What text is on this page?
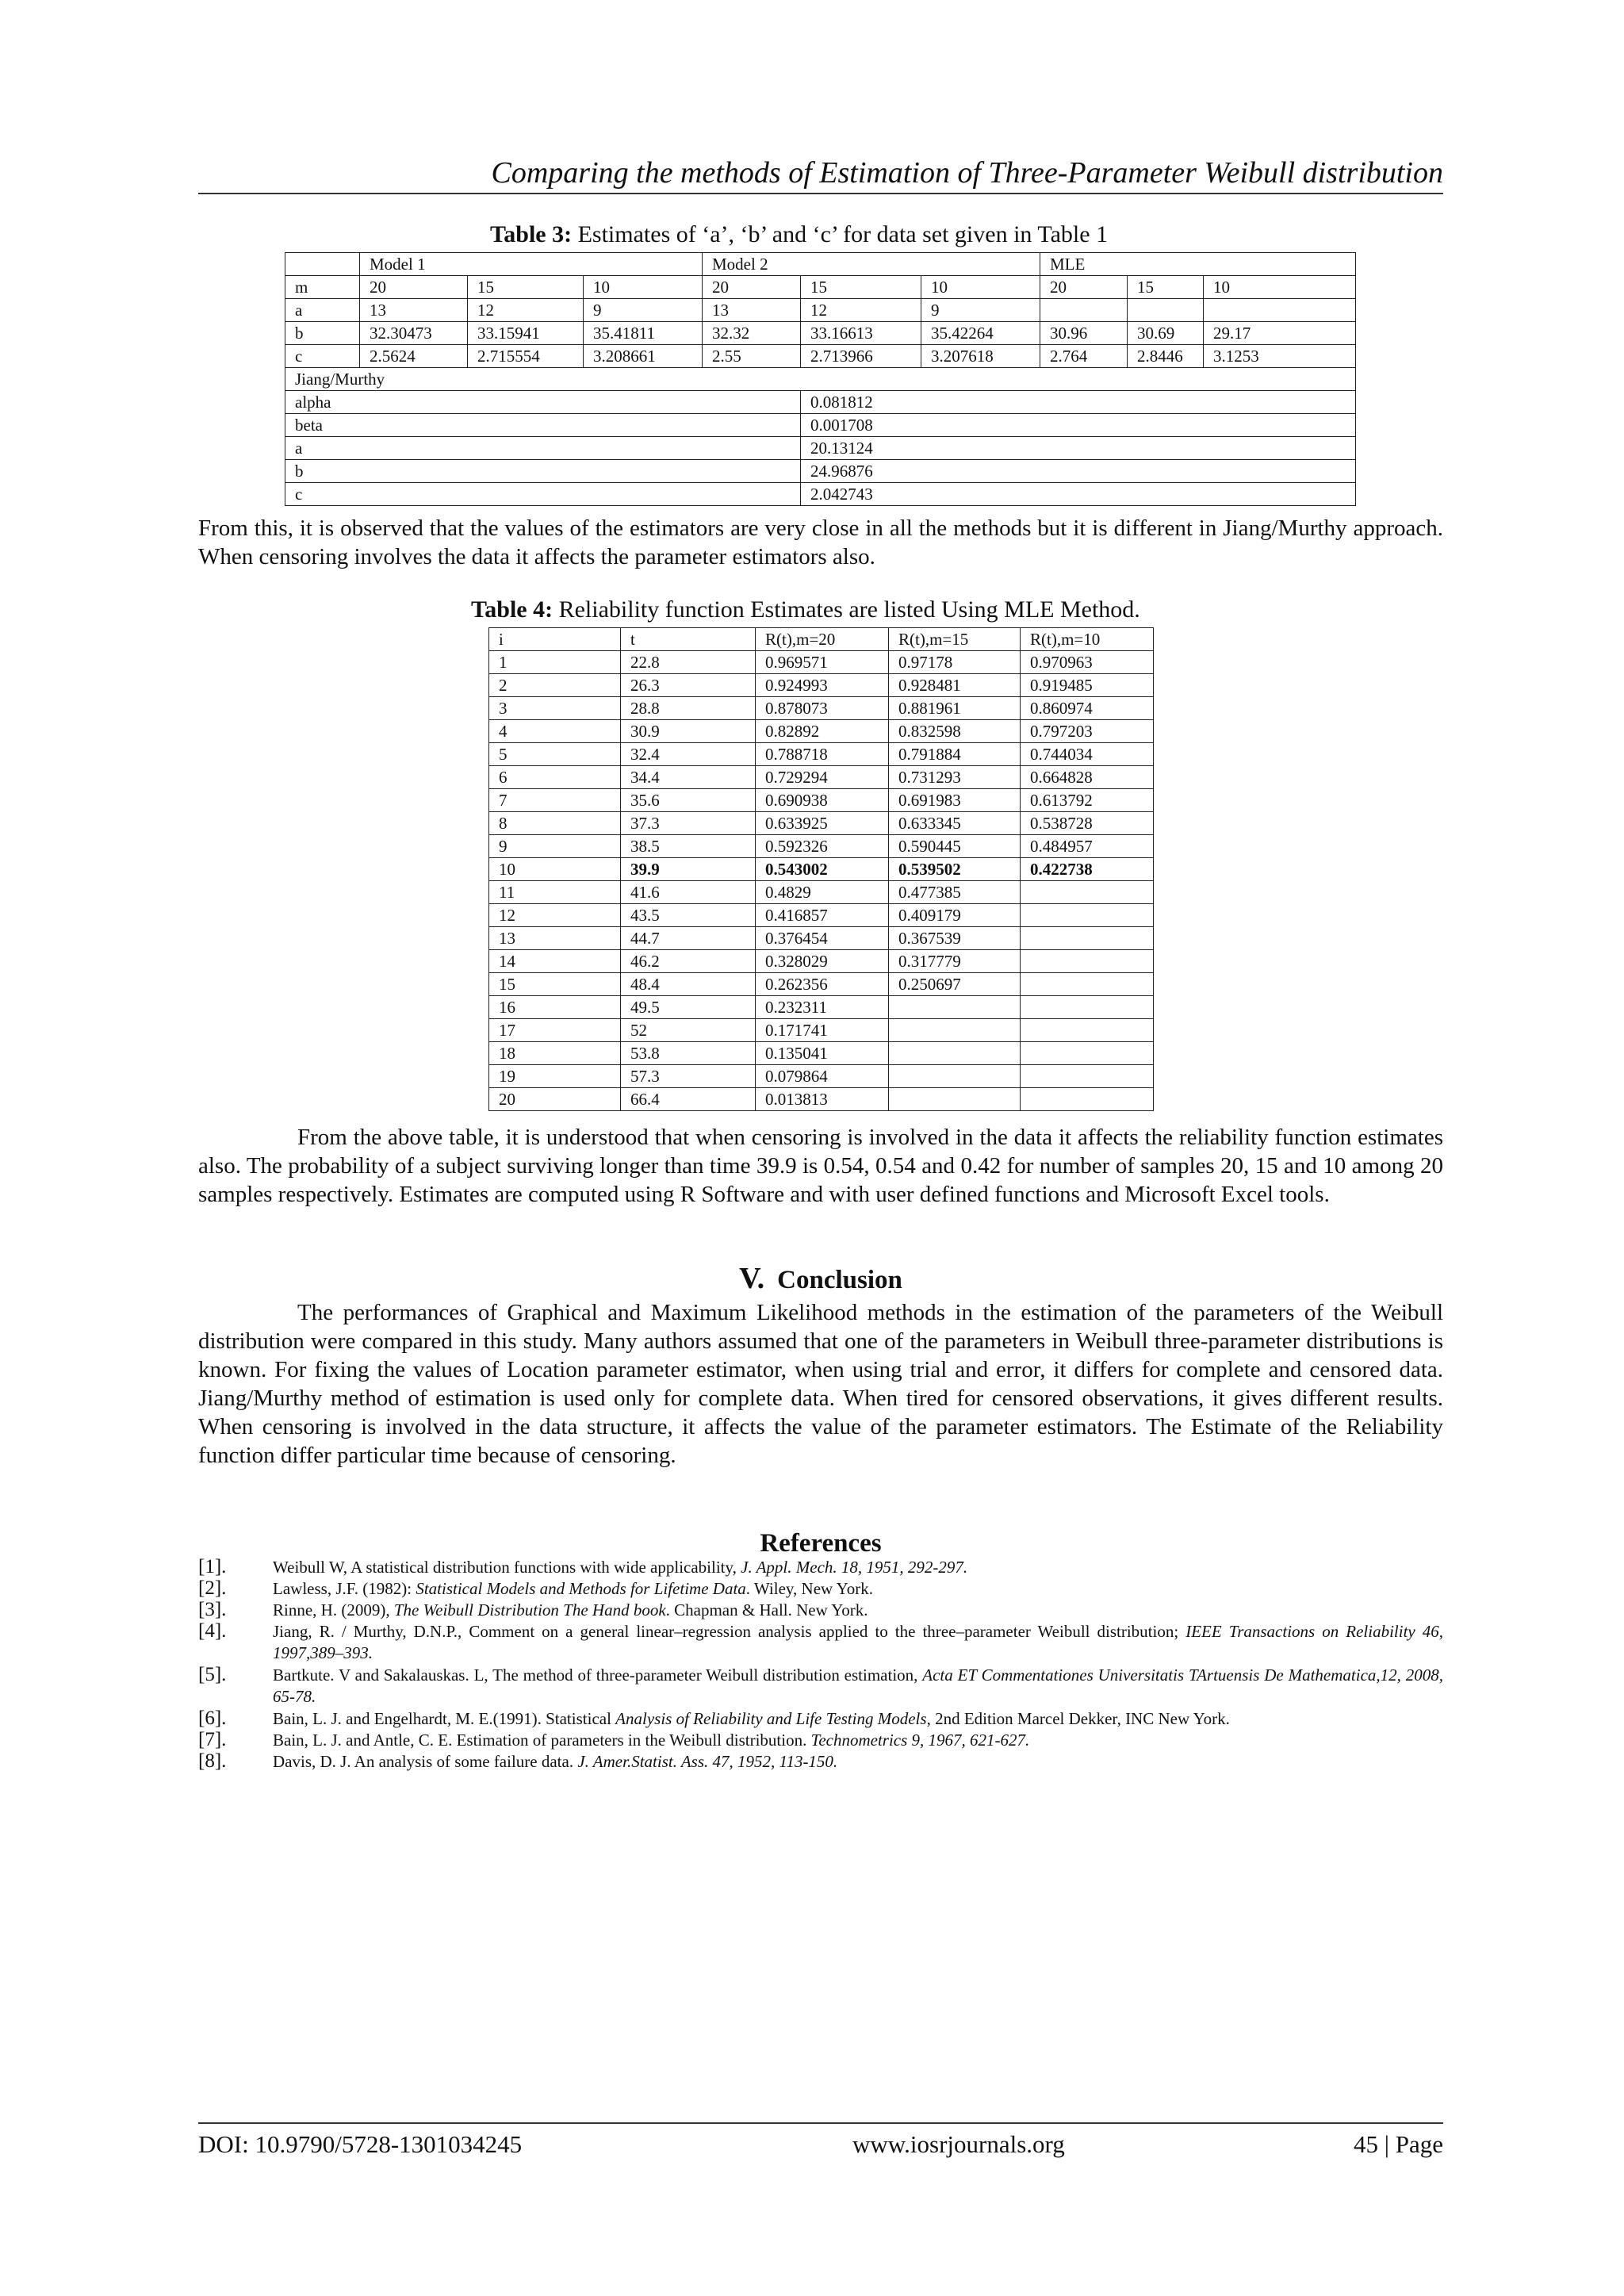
Comparing the methods of Estimation of Three-Parameter Weibull distribution
Table 3: Estimates of ‘a’, ‘b’ and ‘c’ for data set given in Table 1
	Model 1			Model 2			MLE		
m	20	15	10	20	15	10	20	15	10
a	13	12	9	13	12	9			
b	32.30473	33.15941	35.41811	32.32	33.16613	35.42264	30.96	30.69	29.17
c	2.5624	2.715554	3.208661	2.55	2.713966	3.207618	2.764	2.8446	3.1253
Jiang/Murthy									
alpha					0.081812				
beta					0.001708				
a					20.13124				
b					24.96876				
c					2.042743				
From this, it is observed that the values of the estimators are very close in all the methods but it is different in Jiang/Murthy approach. When censoring involves the data it affects the parameter estimators also.
Table 4: Reliability function Estimates are listed Using MLE Method.
i	t	R(t),m=20	R(t),m=15	R(t),m=10
1	22.8	0.969571	0.97178	0.970963
2	26.3	0.924993	0.928481	0.919485
3	28.8	0.878073	0.881961	0.860974
4	30.9	0.82892	0.832598	0.797203
5	32.4	0.788718	0.791884	0.744034
6	34.4	0.729294	0.731293	0.664828
7	35.6	0.690938	0.691983	0.613792
8	37.3	0.633925	0.633345	0.538728
9	38.5	0.592326	0.590445	0.484957
10	39.9	0.543002	0.539502	0.422738
11	41.6	0.4829	0.477385	
12	43.5	0.416857	0.409179	
13	44.7	0.376454	0.367539	
14	46.2	0.328029	0.317779	
15	48.4	0.262356	0.250697	
16	49.5	0.232311		
17	52	0.171741		
18	53.8	0.135041		
19	57.3	0.079864		
20	66.4	0.013813		
From the above table, it is understood that when censoring is involved in the data it affects the reliability function estimates also. The probability of a subject surviving longer than time 39.9 is 0.54, 0.54 and 0.42 for number of samples 20, 15 and 10 among 20 samples respectively. Estimates are computed using R Software and with user defined functions and Microsoft Excel tools.
V. Conclusion
The performances of Graphical and Maximum Likelihood methods in the estimation of the parameters of the Weibull distribution were compared in this study. Many authors assumed that one of the parameters in Weibull three-parameter distributions is known. For fixing the values of Location parameter estimator, when using trial and error, it differs for complete and censored data. Jiang/Murthy method of estimation is used only for complete data. When tired for censored observations, it gives different results. When censoring is involved in the data structure, it affects the value of the parameter estimators. The Estimate of the Reliability function differ particular time because of censoring.
References
[1].	Weibull W, A statistical distribution functions with wide applicability, J. Appl. Mech. 18, 1951, 292-297.
[2].	Lawless, J.F. (1982): Statistical Models and Methods for Lifetime Data. Wiley, New York.
[3].	Rinne, H. (2009), The Weibull Distribution The Hand book. Chapman & Hall. New York.
[4].	Jiang, R. / Murthy, D.N.P., Comment on a general linear–regression analysis applied to the three–parameter Weibull distribution; IEEE Transactions on Reliability 46, 1997,389–393.
[5].	Bartkute. V and Sakalauskas. L, The method of three-parameter Weibull distribution estimation, Acta ET Commentationes Universitatis TArtuensis De Mathematica,12, 2008, 65-78.
[6].	Bain, L. J. and Engelhardt, M. E.(1991). Statistical Analysis of Reliability and Life Testing Models, 2nd Edition Marcel Dekker, INC New York.
[7].	Bain, L. J. and Antle, C. E. Estimation of parameters in the Weibull distribution. Technometrics 9, 1967, 621-627.
[8].	Davis, D. J. An analysis of some failure data. J. Amer.Statist. Ass. 47, 1952, 113-150.
DOI: 10.9790/5728-1301034245	www.iosrjournals.org	45 | Page
